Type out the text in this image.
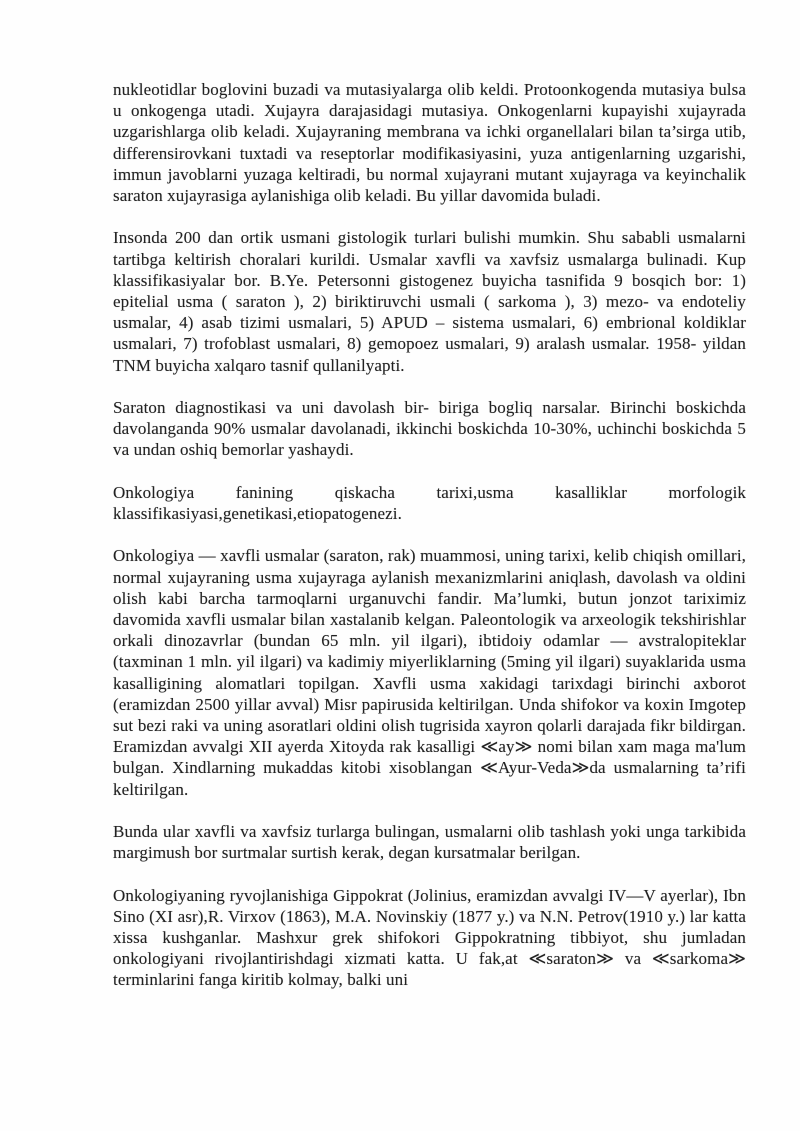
nukleotidlar boglovini buzadi va mutasiyalarga olib keldi. Protoonkogenda mutasiya bulsa u onkogenga utadi. Xujayra darajasidagi mutasiya. Onkogenlarni kupayishi xujayrada uzgarishlarga olib keladi. Xujayraning membrana va ichki organellalari bilan ta’sirga utib, differensirovkani tuxtadi va reseptorlar modifikasiyasini, yuza antigenlarning uzgarishi, immun javoblarni yuzaga keltiradi, bu normal xujayrani mutant xujayraga va keyinchalik saraton xujayrasiga aylanishiga olib keladi. Bu yillar davomida buladi.

Insonda 200 dan ortik usmani gistologik turlari bulishi mumkin. Shu sababli usmalarni tartibga keltirish choralari kurildi. Usmalar xavfli va xavfsiz usmalarga bulinadi. Kup klassifikasiyalar bor. B.Ye. Petersonni gistogenez buyicha tasnifida 9 bosqich bor: 1) epitelial usma ( saraton ), 2) biriktiruvchi usmali ( sarkoma ), 3) mezo- va endoteliy usmalar, 4) asab tizimi usmalari, 5) APUD – sistema usmalari, 6) embrional koldiklar usmalari, 7) trofoblast usmalari, 8) gemopoez usmalari, 9) aralash usmalar. 1958- yildan TNM buyicha xalqaro tasnif qullanilyapti.

Saraton diagnostikasi va uni davolash bir- biriga bogliq narsalar. Birinchi boskichda davolanganda 90% usmalar davolanadi, ikkinchi boskichda 10-30%, uchinchi boskichda 5 va undan oshiq bemorlar yashaydi.

Onkologiya fanining qiskacha tarixi,usma kasalliklar morfologik klassifikasiyasi,genetikasi,etiopatogenezi.

Onkologiya — xavfli usmalar (saraton, rak) muammosi, uning tarixi, kelib chiqish omillari, normal xujayraning usma xujayraga aylanish mexanizmlarini aniqlash, davolash va oldini olish kabi barcha tarmoqlarni urganuvchi fandir. Ma’lumki, butun jonzot tariximiz davomida xavfli usmalar bilan xastalanib kelgan. Paleontologik va arxeologik tekshirishlar orkali dinozavrlar (bundan 65 mln. yil ilgari), ibtidoiy odamlar — avstralopiteklar (taxminan 1 mln. yil ilgari) va kadimiy miyerliklarning (5ming yil ilgari) suyaklarida usma kasalligining alomatlari topilgan. Xavfli usma xakidagi tarixdagi birinchi axborot (eramizdan 2500 yillar avval) Misr papirusida keltirilgan. Unda shifokor va koxin Imgotep sut bezi raki va uning asoratlari oldini olish tugrisida xayron qolarli darajada fikr bildirgan. Eramizdan avvalgi XII ayerda Xitoyda rak kasalligi ≪ay≫ nomi bilan xam maga ma'lum bulgan. Xindlarning mukaddas kitobi xisoblangan ≪Ayur-Veda≫da usmalarning ta’rifi keltirilgan.

Bunda ular xavfli va xavfsiz turlarga bulingan, usmalarni olib tashlash yoki unga tarkibida margimush bor surtmalar surtish kerak, degan kursatmalar berilgan.

Onkologiyaning ryvojlanishiga Gippokrat (Jolinius, eramizdan avvalgi IV—V ayerlar), Ibn Sino (XI asr),R. Virxov (1863), M.A. Novinskiy (1877 y.) va N.N. Petrov(1910 y.) lar katta xissa kushganlar. Mashxur grek shifokori Gippokratning tibbiyot, shu jumladan onkologiyani rivojlantirishdagi xizmati katta. U fak,at ≪saraton≫ va ≪sarkoma≫ terminlarini fanga kiritib kolmay, balki uni
